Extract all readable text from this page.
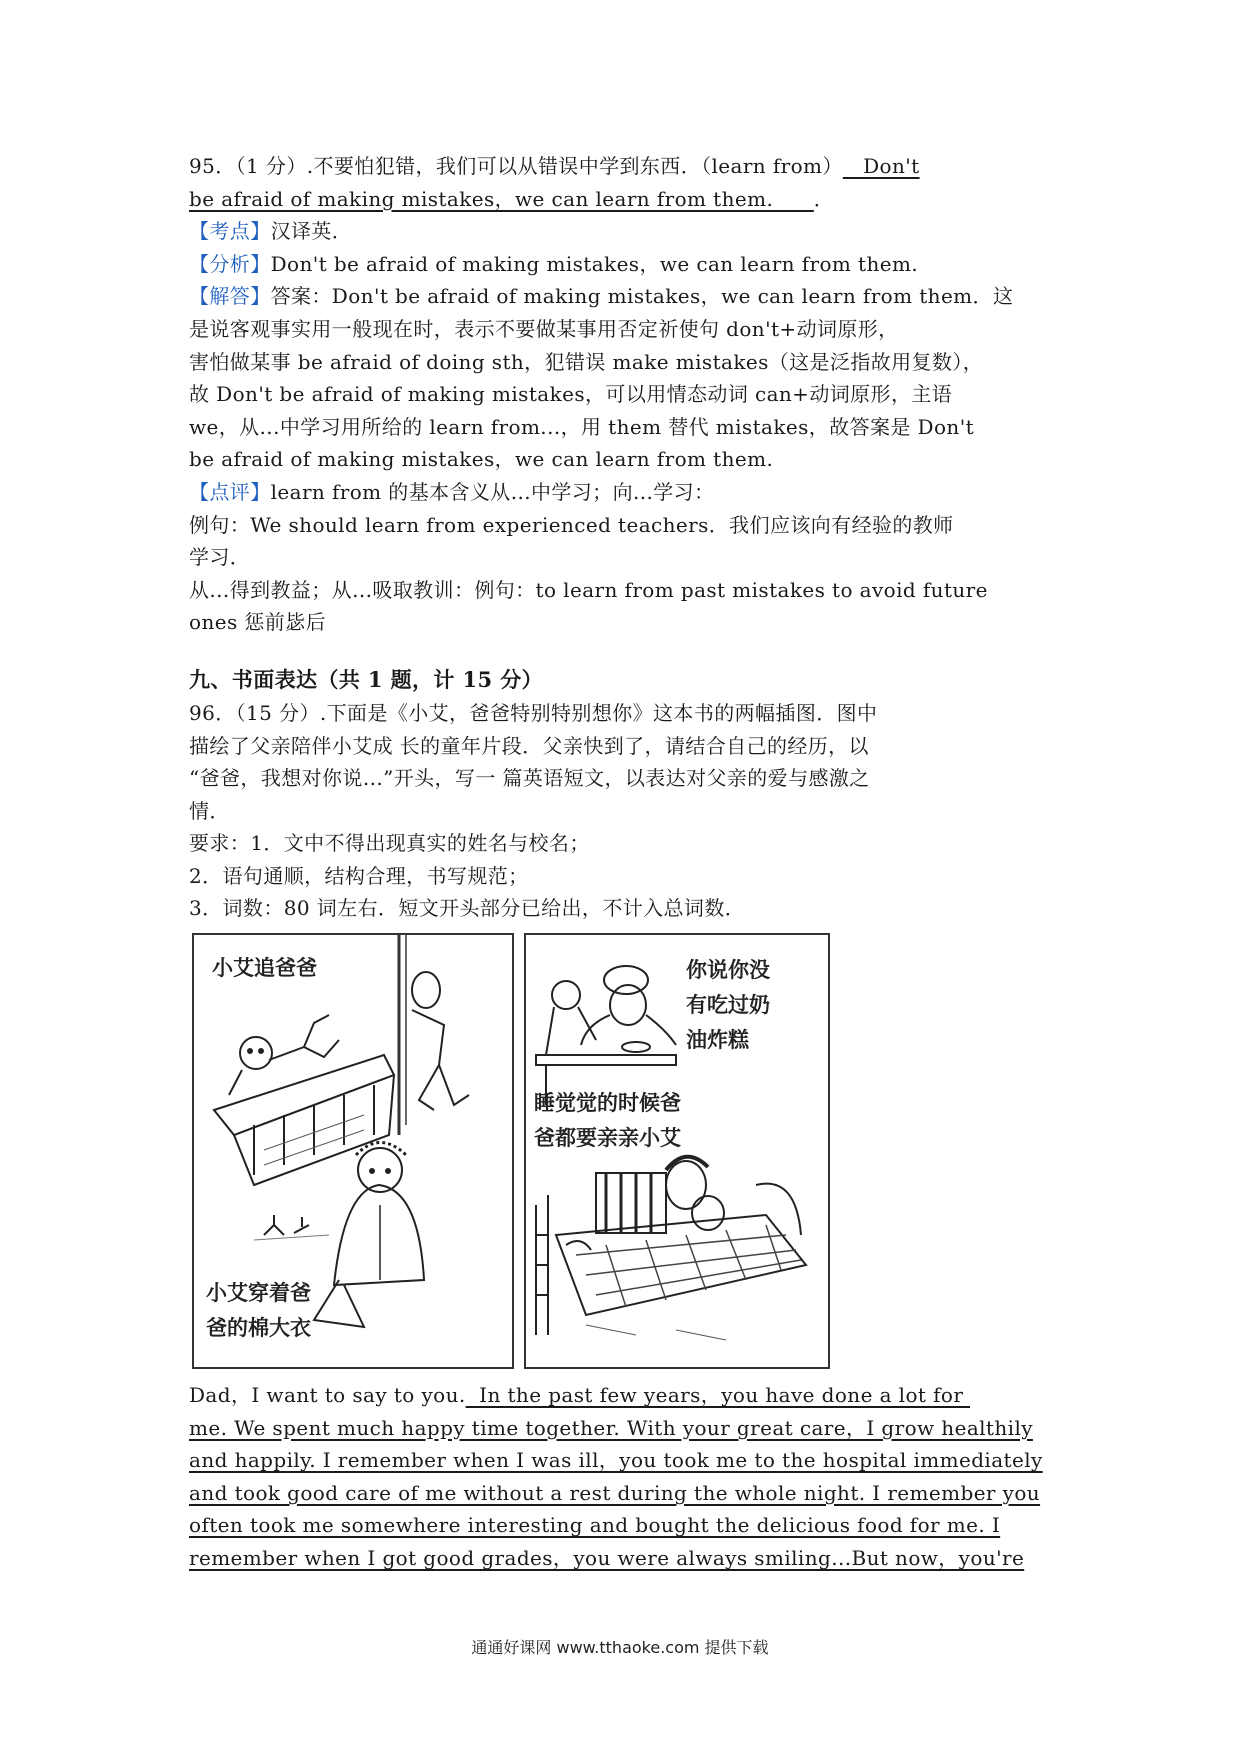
95．（1 分）.不要怕犯错，我们可以从错误中学到东西．（learn from）   Don't
be afraid of making mistakes，we can learn from them.      ．
【考点】汉译英．
【分析】Don't be afraid of making mistakes，we can learn from them.
【解答】答案：Don't be afraid of making mistakes，we can learn from them．这
是说客观事实用一般现在时，表示不要做某事用否定祈使句 don't+动词原形，
害怕做某事 be afraid of doing sth，犯错误 make mistakes（这是泛指故用复数），
故 Don't be afraid of making mistakes，可以用情态动词 can+动词原形，主语
we，从...中学习用所给的 learn from...，用 them 替代 mistakes，故答案是 Don't
be afraid of making mistakes，we can learn from them.
【点评】learn from 的基本含义从...中学习；向...学习：
例句：We should learn from experienced teachers．我们应该向有经验的教师
学习．
从...得到教益；从...吸取教训：例句：to learn from past mistakes to avoid future
ones 惩前毖后
九、书面表达（共 1 题，计 15 分）
96．（15 分）.下面是《小艾，爸爸特别特别想你》这本书的两幅插图．图中
描绘了父亲陪伴小艾成 长的童年片段．父亲快到了，请结合自己的经历，以
“爸爸，我想对你说...”开头，写一 篇英语短文，以表达对父亲的爱与感激之
情．
要求：1．文中不得出现真实的姓名与校名；
2．语句通顺，结构合理，书写规范；
3．词数：80 词左右．短文开头部分已给出，不计入总词数．
小艾追爸爸
小艾穿着爸
爸的棉大衣
你说你没
有吃过奶
油炸糕
睡觉觉的时候爸
爸都要亲亲小艾
Dad，I want to say to you.  In the past few years，you have done a lot for
me. We spent much happy time together. With your great care，I grow healthily
and happily. I remember when I was ill，you took me to the hospital immediately
and took good care of me without a rest during the whole night. I remember you
often took me somewhere interesting and bought the delicious food for me. I
remember when I got good grades，you were always smiling...But now，you're
通通好课网 www.tthaoke.com 提供下载
